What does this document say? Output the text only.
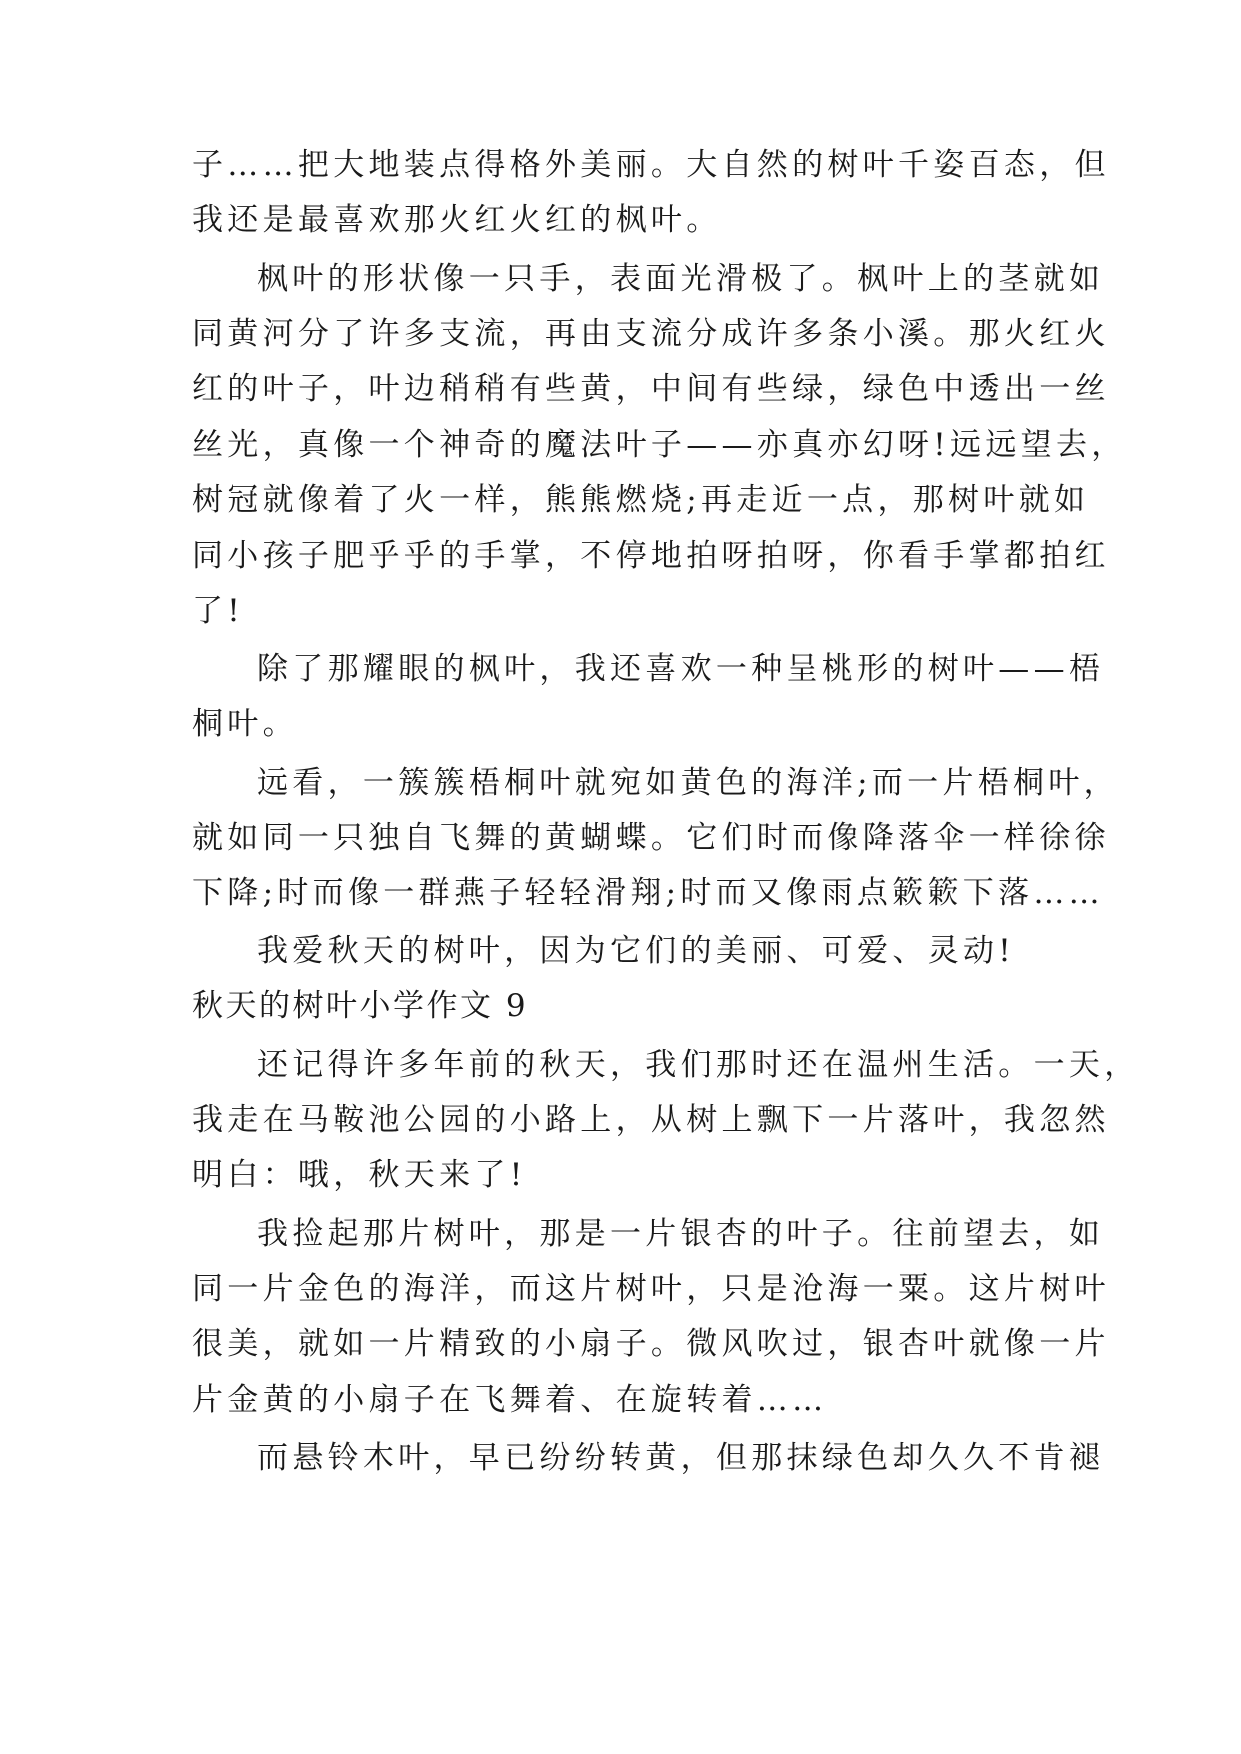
子……把大地装点得格外美丽。大自然的树叶千姿百态，但
我还是最喜欢那火红火红的枫叶。
枫叶的形状像一只手，表面光滑极了。枫叶上的茎就如
同黄河分了许多支流，再由支流分成许多条小溪。那火红火
红的叶子，叶边稍稍有些黄，中间有些绿，绿色中透出一丝
丝光，真像一个神奇的魔法叶子——亦真亦幻呀!远远望去，
树冠就像着了火一样，熊熊燃烧;再走近一点，那树叶就如
同小孩子肥乎乎的手掌，不停地拍呀拍呀，你看手掌都拍红
了!
除了那耀眼的枫叶，我还喜欢一种呈桃形的树叶——梧
桐叶。
远看，一簇簇梧桐叶就宛如黄色的海洋;而一片梧桐叶，
就如同一只独自飞舞的黄蝴蝶。它们时而像降落伞一样徐徐
下降;时而像一群燕子轻轻滑翔;时而又像雨点簌簌下落……
我爱秋天的树叶，因为它们的美丽、可爱、灵动!
秋天的树叶小学作文 9
还记得许多年前的秋天，我们那时还在温州生活。一天，
我走在马鞍池公园的小路上，从树上飘下一片落叶，我忽然
明白：哦，秋天来了!
我捡起那片树叶，那是一片银杏的叶子。往前望去，如
同一片金色的海洋，而这片树叶，只是沧海一粟。这片树叶
很美，就如一片精致的小扇子。微风吹过，银杏叶就像一片
片金黄的小扇子在飞舞着、在旋转着……
而悬铃木叶，早已纷纷转黄，但那抹绿色却久久不肯褪
